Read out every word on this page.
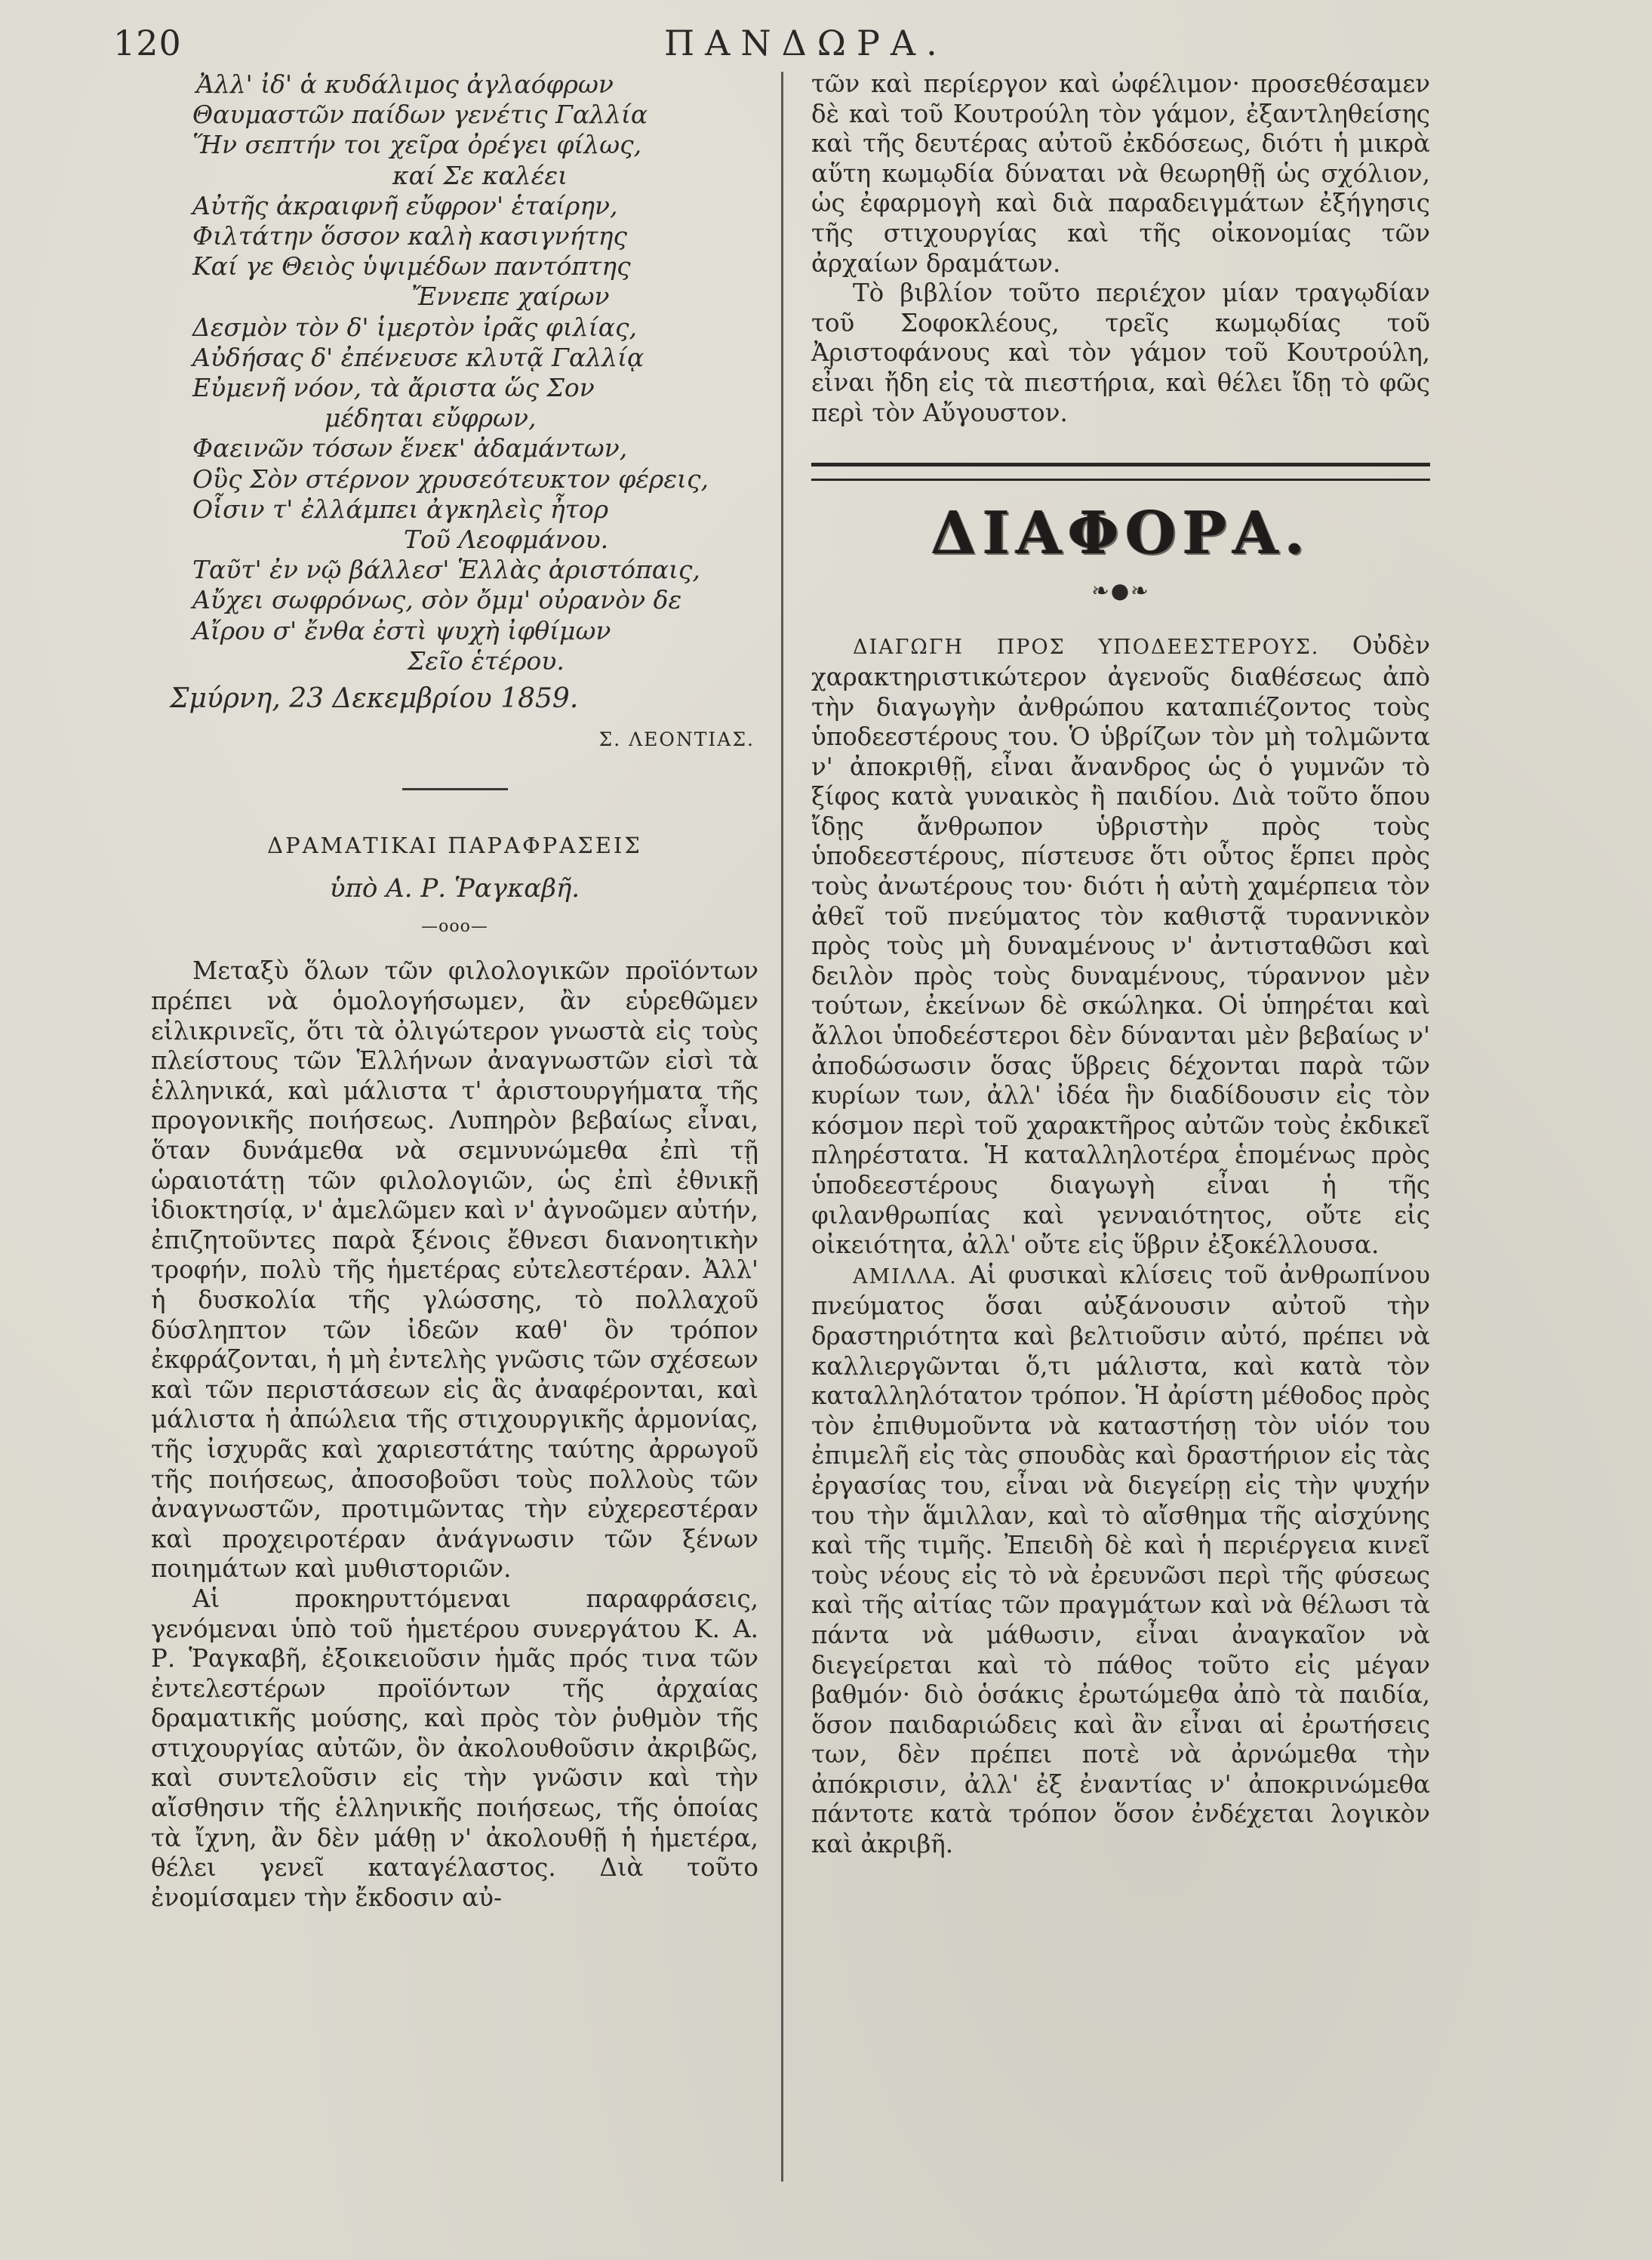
120	ΠΑΝΔΩΡΑ.
Ἀλλ' ἰδ' ἁ κυδάλιμος ἀγλαόφρων
Θαυμαστῶν παίδων γενέτις Γαλλία
Ἥν σεπτήν τοι χεῖρα ὀρέγει φίλως,
καί Σε καλέει
Αὐτῆς ἀκραιφνῆ εὔφρον' ἑταίρην,
Φιλτάτην ὅσσον καλὴ κασιγνήτης
Καί γε Θειὸς ὑψιμέδων παντόπτης
Ἔννεπε χαίρων
Δεσμὸν τὸν δ' ἱμερτὸν ἰρᾶς φιλίας,
Αὐδήσας δ' ἐπένευσε κλυτᾷ Γαλλίᾳ
Εὐμενῆ νόον, τὰ ἄριστα ὥς Σον
μέδηται εὔφρων,
Φαεινῶν τόσων ἕνεκ' ἀδαμάντων,
Οὓς Σὸν στέρνον χρυσεότευκτον φέρεις,
Οἷσιν τ' ἐλλάμπει ἀγκηλεὶς ἦτορ
Τοῦ Λεοφμάνου.
Ταῦτ' ἐν νῷ βάλλεσ' Ἑλλὰς ἀριστόπαις,
Αὔχει σωφρόνως, σὸν ὄμμ' οὐρανὸν δε
Αἴρου σ' ἔνθα ἐστὶ ψυχὴ ἰφθίμων
Σεῖο ἑτέρου.
Σμύρνη, 23 Δεκεμβρίου 1859.
Σ. ΛΕΟΝΤΙΑΣ.
ΔΡΑΜΑΤΙΚΑΙ ΠΑΡΑΦΡΑΣΕΙΣ
ὑπὸ Α. Ρ. Ῥαγκαβῆ.
—οοο—

Μεταξὺ ὅλων τῶν φιλολογικῶν προϊόντων πρέπει νὰ ὁμολογήσωμεν, ἂν εὑρεθῶμεν εἰλικρινεῖς, ὅτι τὰ ὀλιγώτερον γνωστὰ εἰς τοὺς πλείστους τῶν Ἑλλήνων ἀναγνωστῶν εἰσὶ τὰ ἑλληνικά, καὶ μάλιστα τ' ἀριστουργήματα τῆς προγονικῆς ποιήσεως. Λυπηρὸν βεβαίως εἶναι, ὅταν δυνάμεθα νὰ σεμνυνώμεθα ἐπὶ τῇ ὡραιοτάτῃ τῶν φιλολογιῶν, ὡς ἐπὶ ἐθνικῇ ἰδιοκτησίᾳ, ν' ἀμελῶμεν καὶ ν' ἀγνοῶμεν αὐτήν, ἐπιζητοῦντες παρὰ ξένοις ἔθνεσι διανοητικὴν τροφήν, πολὺ τῆς ἡμετέρας εὐτελεστέραν. Ἀλλ' ἡ δυσκολία τῆς γλώσσης, τὸ πολλαχοῦ δύσληπτον τῶν ἰδεῶν καθ' ὃν τρόπον ἐκφράζονται, ἡ μὴ ἐντελὴς γνῶσις τῶν σχέσεων καὶ τῶν περιστάσεων εἰς ἃς ἀναφέρονται, καὶ μάλιστα ἡ ἀπώλεια τῆς στιχουργικῆς ἁρμονίας, τῆς ἰσχυρᾶς καὶ χαριεστάτης ταύτης ἀρρωγοῦ τῆς ποιήσεως, ἀποσοβοῦσι τοὺς πολλοὺς τῶν ἀναγνωστῶν, προτιμῶντας τὴν εὐχερεστέραν καὶ προχειροτέραν ἀνάγνωσιν τῶν ξένων ποιημάτων καὶ μυθιστοριῶν.

Αἱ προκηρυττόμεναι παραφράσεις, γενόμεναι ὑπὸ τοῦ ἡμετέρου συνεργάτου Κ. Α. Ρ. Ῥαγκαβῆ, ἐξοικειοῦσιν ἡμᾶς πρός τινα τῶν ἐντελεστέρων προϊόντων τῆς ἀρχαίας δραματικῆς μούσης, καὶ πρὸς τὸν ῥυθμὸν τῆς στιχουργίας αὐτῶν, ὃν ἀκολουθοῦσιν ἀκριβῶς, καὶ συντελοῦσιν εἰς τὴν γνῶσιν καὶ τὴν αἴσθησιν τῆς ἑλληνικῆς ποιήσεως, τῆς ὁποίας τὰ ἴχνη, ἂν δὲν μάθῃ ν' ἀκολουθῇ ἡ ἡμετέρα, θέλει γενεῖ καταγέλαστος. Διὰ τοῦτο ἐνομίσαμεν τὴν ἔκδοσιν αὐ-

τῶν καὶ περίεργον καὶ ὠφέλιμον· προσεθέσαμεν δὲ καὶ τοῦ Κουτρούλη τὸν γάμον, ἐξαντληθείσης καὶ τῆς δευτέρας αὐτοῦ ἐκδόσεως, διότι ἡ μικρὰ αὕτη κωμῳδία δύναται νὰ θεωρηθῇ ὡς σχόλιον, ὡς ἐφαρμογὴ καὶ διὰ παραδειγμάτων ἐξήγησις τῆς στιχουργίας καὶ τῆς οἰκονομίας τῶν ἀρχαίων δραμάτων.

Τὸ βιβλίον τοῦτο περιέχον μίαν τραγῳδίαν τοῦ Σοφοκλέους, τρεῖς κωμῳδίας τοῦ Ἀριστοφάνους καὶ τὸν γάμον τοῦ Κουτρούλη, εἶναι ἤδη εἰς τὰ πιεστήρια, καὶ θέλει ἴδῃ τὸ φῶς περὶ τὸν Αὔγουστον.

ΔΙΑΦΟΡΑ.
❧●❧

ΔΙΑΓΩΓΗ ΠΡΟΣ ΥΠΟΔΕΕΣΤΕΡΟΥΣ. Οὐδὲν χαρακτηριστικώτερον ἀγενοῦς διαθέσεως ἀπὸ τὴν διαγωγὴν ἀνθρώπου καταπιέζοντος τοὺς ὑποδεεστέρους του. Ὁ ὑβρίζων τὸν μὴ τολμῶντα ν' ἀποκριθῇ, εἶναι ἄνανδρος ὡς ὁ γυμνῶν τὸ ξίφος κατὰ γυναικὸς ἢ παιδίου. Διὰ τοῦτο ὅπου ἴδῃς ἄνθρωπον ὑβριστὴν πρὸς τοὺς ὑποδεεστέρους, πίστευσε ὅτι οὗτος ἕρπει πρὸς τοὺς ἀνωτέρους του· διότι ἡ αὐτὴ χαμέρπεια τὸν ἀθεῖ τοῦ πνεύματος τὸν καθιστᾷ τυραννικὸν πρὸς τοὺς μὴ δυναμένους ν' ἀντισταθῶσι καὶ δειλὸν πρὸς τοὺς δυναμένους, τύραννον μὲν τούτων, ἐκείνων δὲ σκώληκα. Οἱ ὑπηρέται καὶ ἄλλοι ὑποδεέστεροι δὲν δύνανται μὲν βεβαίως ν' ἀποδώσωσιν ὅσας ὕβρεις δέχονται παρὰ τῶν κυρίων των, ἀλλ' ἰδέα ἣν διαδίδουσιν εἰς τὸν κόσμον περὶ τοῦ χαρακτῆρος αὐτῶν τοὺς ἐκδικεῖ πληρέστατα. Ἡ καταλληλοτέρα ἑπομένως πρὸς ὑποδεεστέρους διαγωγὴ εἶναι ἡ τῆς φιλανθρωπίας καὶ γενναιότητος, οὔτε εἰς οἰκειότητα, ἀλλ' οὔτε εἰς ὕβριν ἐξοκέλλουσα.

ΑΜΙΛΛΑ. Αἱ φυσικαὶ κλίσεις τοῦ ἀνθρωπίνου πνεύματος ὅσαι αὐξάνουσιν αὐτοῦ τὴν δραστηριότητα καὶ βελτιοῦσιν αὐτό, πρέπει νὰ καλλιεργῶνται ὅ,τι μάλιστα, καὶ κατὰ τὸν καταλληλότατον τρόπον. Ἡ ἀρίστη μέθοδος πρὸς τὸν ἐπιθυμοῦντα νὰ καταστήσῃ τὸν υἱόν του ἐπιμελῆ εἰς τὰς σπουδὰς καὶ δραστήριον εἰς τὰς ἐργασίας του, εἶναι νὰ διεγείρῃ εἰς τὴν ψυχήν του τὴν ἅμιλλαν, καὶ τὸ αἴσθημα τῆς αἰσχύνης καὶ τῆς τιμῆς. Ἐπειδὴ δὲ καὶ ἡ περιέργεια κινεῖ τοὺς νέους εἰς τὸ νὰ ἐρευνῶσι περὶ τῆς φύσεως καὶ τῆς αἰτίας τῶν πραγμάτων καὶ νὰ θέλωσι τὰ πάντα νὰ μάθωσιν, εἶναι ἀναγκαῖον νὰ διεγείρεται καὶ τὸ πάθος τοῦτο εἰς μέγαν βαθμόν· διὸ ὁσάκις ἐρωτώμεθα ἀπὸ τὰ παιδία, ὅσον παιδαριώδεις καὶ ἂν εἶναι αἱ ἐρωτήσεις των, δὲν πρέπει ποτὲ νὰ ἀρνώμεθα τὴν ἀπόκρισιν, ἀλλ' ἐξ ἐναντίας ν' ἀποκρινώμεθα πάντοτε κατὰ τρόπον ὅσον ἐνδέχεται λογικὸν καὶ ἀκριβῆ.
